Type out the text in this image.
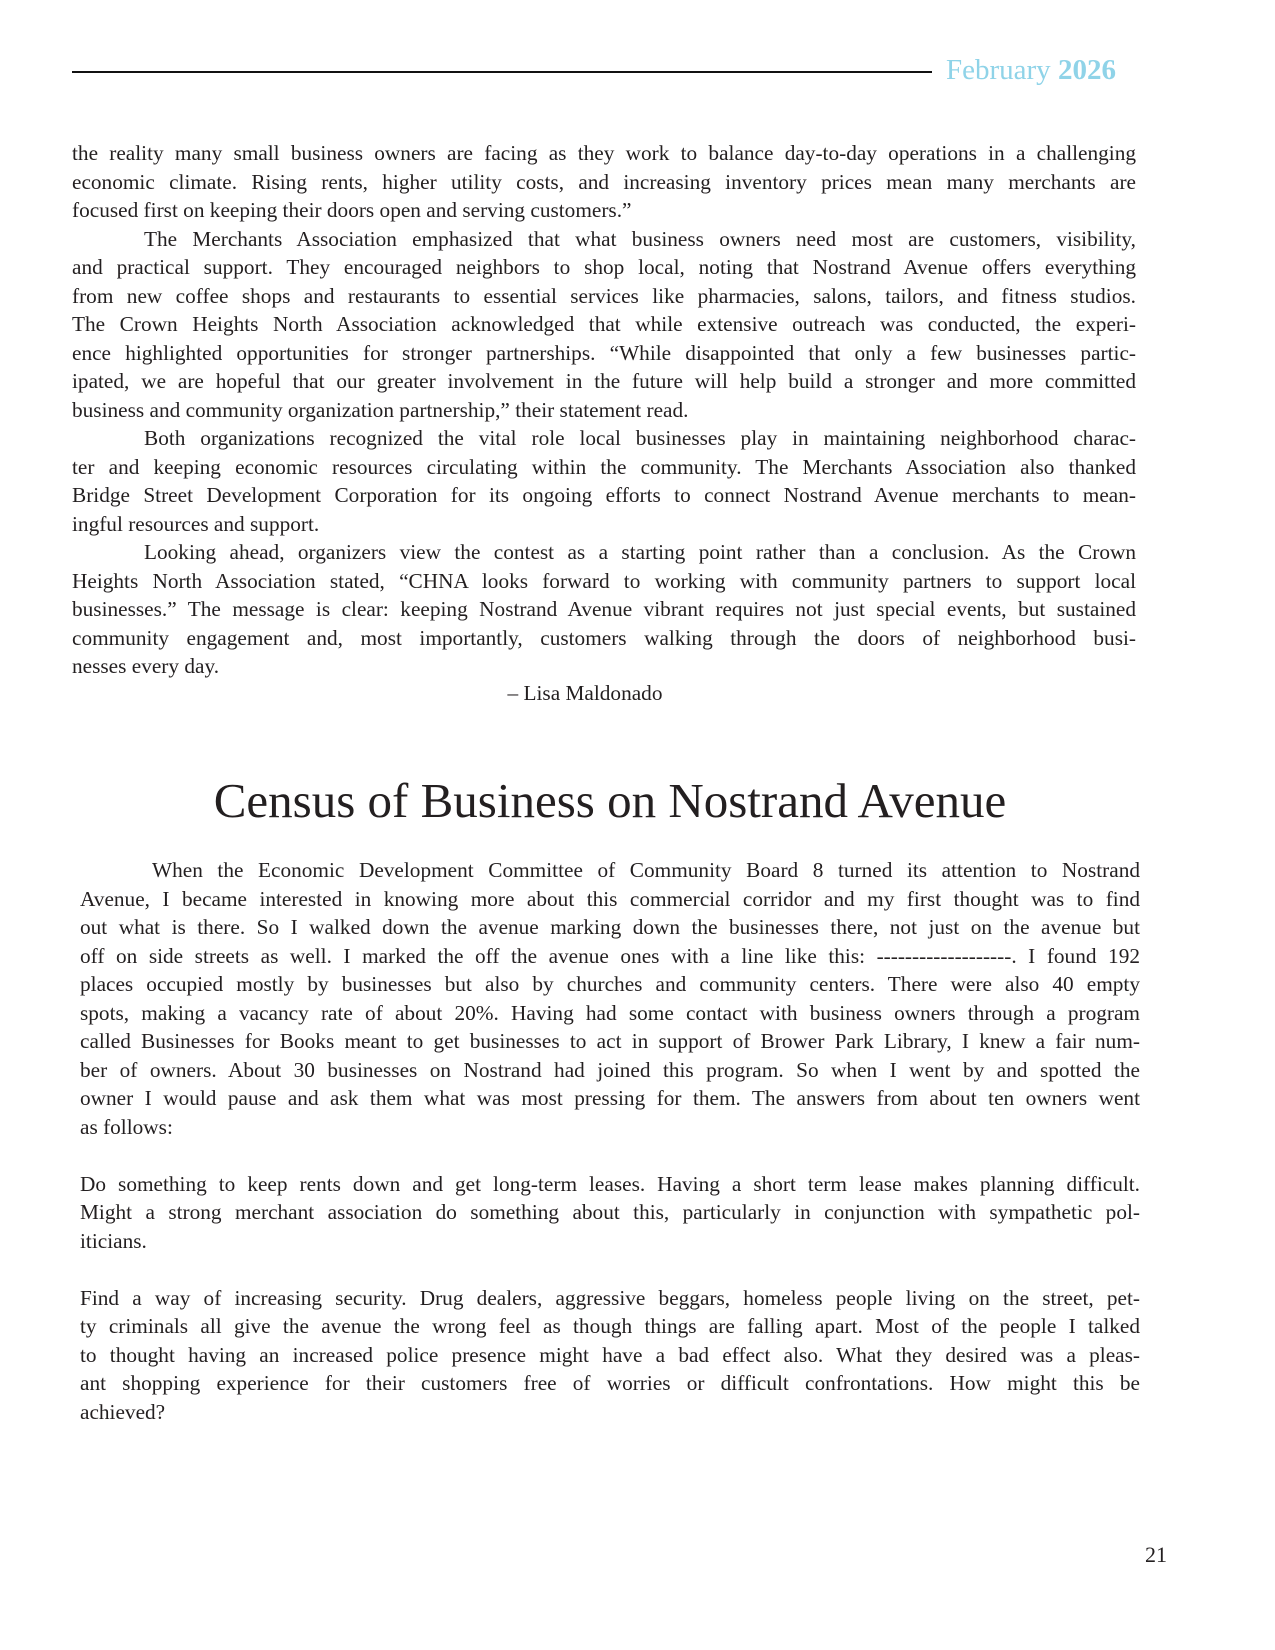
February 2026
the reality many small business owners are facing as they work to balance day-to-day operations in a challenging
economic climate. Rising rents, higher utility costs, and increasing inventory prices mean many merchants are
focused first on keeping their doors open and serving customers.”
The Merchants Association emphasized that what business owners need most are customers, visibility,
and practical support. They encouraged neighbors to shop local, noting that Nostrand Avenue offers everything
from new coffee shops and restaurants to essential services like pharmacies, salons, tailors, and fitness studios.
The Crown Heights North Association acknowledged that while extensive outreach was conducted, the experi-
ence highlighted opportunities for stronger partnerships. “While disappointed that only a few businesses partic-
ipated, we are hopeful that our greater involvement in the future will help build a stronger and more committed
business and community organization partnership,” their statement read.
Both organizations recognized the vital role local businesses play in maintaining neighborhood charac-
ter and keeping economic resources circulating within the community. The Merchants Association also thanked
Bridge Street Development Corporation for its ongoing efforts to connect Nostrand Avenue merchants to mean-
ingful resources and support.
Looking ahead, organizers view the contest as a starting point rather than a conclusion. As the Crown
Heights North Association stated, “CHNA looks forward to working with community partners to support local
businesses.” The message is clear: keeping Nostrand Avenue vibrant requires not just special events, but sustained
community engagement and, most importantly, customers walking through the doors of neighborhood busi-
nesses every day.
– Lisa Maldonado
Census of Business on Nostrand Avenue
When the Economic Development Committee of Community Board 8 turned its attention to Nostrand
Avenue, I became interested in knowing more about this commercial corridor and my first thought was to find
out what is there. So I walked down the avenue marking down the businesses there, not just on the avenue but
off on side streets as well. I marked the off the avenue ones with a line like this: -------------------. I found 192
places occupied mostly by businesses but also by churches and community centers. There were also 40 empty
spots, making a vacancy rate of about 20%. Having had some contact with business owners through a program
called Businesses for Books meant to get businesses to act in support of Brower Park Library, I knew a fair num-
ber of owners. About 30 businesses on Nostrand had joined this program. So when I went by and spotted the
owner I would pause and ask them what was most pressing for them. The answers from about ten owners went
as follows:
Do something to keep rents down and get long-term leases. Having a short term lease makes planning difficult.
Might a strong merchant association do something about this, particularly in conjunction with sympathetic pol-
iticians.
Find a way of increasing security. Drug dealers, aggressive beggars, homeless people living on the street, pet-
ty criminals all give the avenue the wrong feel as though things are falling apart. Most of the people I talked
to thought having an increased police presence might have a bad effect also. What they desired was a pleas-
ant shopping experience for their customers free of worries or difficult confrontations. How might this be
achieved?
21
